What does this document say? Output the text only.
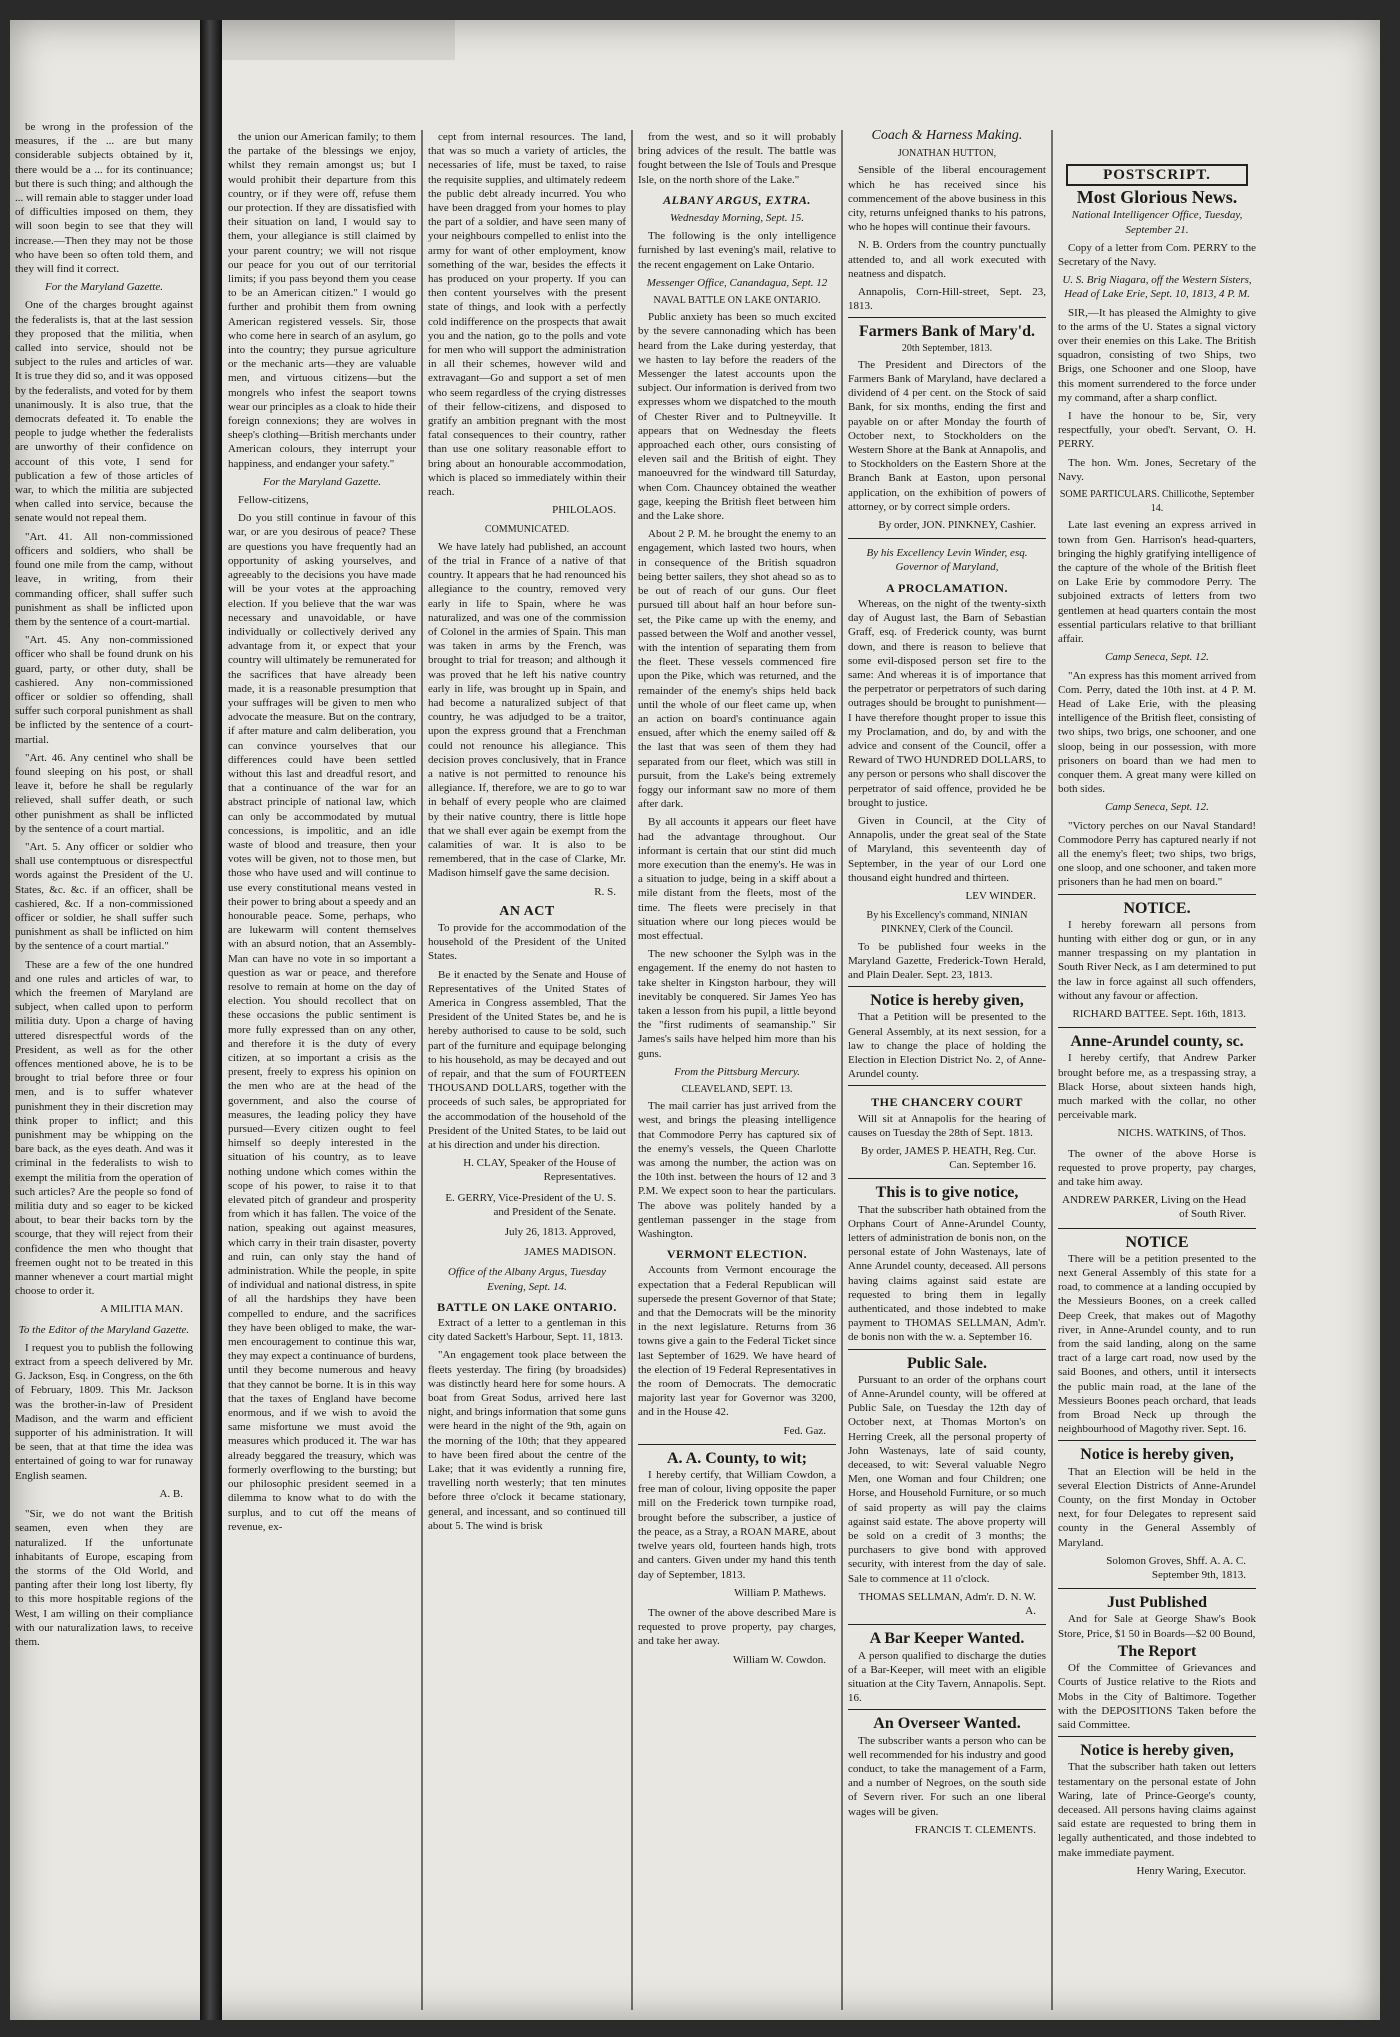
be wrong in the profession of the measures, if the ... are but many considerable subjects obtained by it, there would be a ... for its continuance; but there is such thing; and although the ... will remain able to stagger under load of difficulties imposed on them, they will soon begin to see that they will increase.—Then they may not be those who have been so often told them, and they will find it correct.

For the Maryland Gazette.

One of the charges brought against the federalists is, that at the last session they proposed that the militia, when called into service, should not be subject to the rules and articles of war. It is true they did so, and it was opposed by the federalists, and voted for by them unanimously. It is also true, that the democrats defeated it. To enable the people to judge whether the federalists are unworthy of their confidence on account of this vote, I send for publication a few of those articles of war, to which the militia are subjected when called into service, because the senate would not repeal them.

"Art. 41. All non-commissioned officers and soldiers, who shall be found one mile from the camp, without leave, in writing, from their commanding officer, shall suffer such punishment as shall be inflicted upon them by the sentence of a court-martial.

"Art. 45. Any non-commissioned officer who shall be found drunk on his guard, party, or other duty, shall be cashiered. Any non-commissioned officer or soldier so offending, shall suffer such corporal punishment as shall be inflicted by the sentence of a court-martial.

"Art. 46. Any centinel who shall be found sleeping on his post, or shall leave it, before he shall be regularly relieved, shall suffer death, or such other punishment as shall be inflicted by the sentence of a court martial.

"Art. 5. Any officer or soldier who shall use contemptuous or disrespectful words against the President of the U. States, &c. &c. if an officer, shall be cashiered, &c. If a non-commissioned officer or soldier, he shall suffer such punishment as shall be inflicted on him by the sentence of a court martial."

These are a few of the one hundred and one rules and articles of war, to which the freemen of Maryland are subject, when called upon to perform militia duty. Upon a charge of having uttered disrespectful words of the President, as well as for the other offences mentioned above, he is to be brought to trial before three or four men, and is to suffer whatever punishment they in their discretion may think proper to inflict; and this punishment may be whipping on the bare back, as the eyes death. And was it criminal in the federalists to wish to exempt the militia from the operation of such articles? Are the people so fond of militia duty and so eager to be kicked about, to bear their backs torn by the scourge, that they will reject from their confidence the men who thought that freemen ought not to be treated in this manner whenever a court martial might choose to order it.

A MILITIA MAN.
To the Editor of the Maryland Gazette.

I request you to publish the following extract from a speech delivered by Mr. G. Jackson, Esq. in Congress, on the 6th of February, 1809. This Mr. Jackson was the brother-in-law of President Madison, and the warm and efficient supporter of his administration. It will be seen, that at that time the idea was entertained of going to war for runaway English seamen.

A. B.

"Sir, we do not want the British seamen, even when they are naturalized. If the unfortunate inhabitants of Europe, escaping from the storms of the Old World, and panting after their long lost liberty, fly to this more hospitable regions of the West, I am willing on their compliance with our naturalization laws, to receive them.

the union our American family; to them the partake of the blessings we enjoy, whilst they remain amongst us; but I would prohibit their departure from this country, or if they were off, refuse them our protection. If they are dissatisfied with their situation on land, I would say to them, your allegiance is still claimed by your parent country; we will not risque our peace for you out of our territorial limits; if you pass beyond them you cease to be an American citizen." I would go further and prohibit them from owning American registered vessels. Sir, those who come here in search of an asylum, go into the country; they pursue agriculture or the mechanic arts—they are valuable men, and virtuous citizens—but the mongrels who infest the seaport towns wear our principles as a cloak to hide their foreign connexions; they are wolves in sheep's clothing—British merchants under American colours, they interrupt your happiness, and endanger your safety."

For the Maryland Gazette.

Fellow-citizens,

Do you still continue in favour of this war, or are you desirous of peace? These are questions you have frequently had an opportunity of asking yourselves, and agreeably to the decisions you have made will be your votes at the approaching election. If you believe that the war was necessary and unavoidable, or have individually or collectively derived any advantage from it, or expect that your country will ultimately be remunerated for the sacrifices that have already been made, it is a reasonable presumption that your suffrages will be given to men who advocate the measure. But on the contrary, if after mature and calm deliberation, you can convince yourselves that our differences could have been settled without this last and dreadful resort, and that a continuance of the war for an abstract principle of national law, which can only be accommodated by mutual concessions, is impolitic, and an idle waste of blood and treasure, then your votes will be given, not to those men, but those who have used and will continue to use every constitutional means vested in their power to bring about a speedy and an honourable peace. Some, perhaps, who are lukewarm will content themselves with an absurd notion, that an Assembly-Man can have no vote in so important a question as war or peace, and therefore resolve to remain at home on the day of election. You should recollect that on these occasions the public sentiment is more fully expressed than on any other, and therefore it is the duty of every citizen, at so important a crisis as the present, freely to express his opinion on the men who are at the head of the government, and also the course of measures, the leading policy they have pursued—Every citizen ought to feel himself so deeply interested in the situation of his country, as to leave nothing undone which comes within the scope of his power, to raise it to that elevated pitch of grandeur and prosperity from which it has fallen. The voice of the nation, speaking out against measures, which carry in their train disaster, poverty and ruin, can only stay the hand of administration. While the people, in spite of individual and national distress, in spite of all the hardships they have been compelled to endure, and the sacrifices they have been obliged to make, the war-men encouragement to continue this war, they may expect a continuance of burdens, until they become numerous and heavy that they cannot be borne. It is in this way that the taxes of England have become enormous, and if we wish to avoid the same misfortune we must avoid the measures which produced it. The war has already beggared the treasury, which was formerly overflowing to the bursting; but our philosophic president seemed in a dilemma to know what to do with the surplus, and to cut off the means of revenue, ex-

cept from internal resources. The land, that was so much a variety of articles, the necessaries of life, must be taxed, to raise the requisite supplies, and ultimately redeem the public debt already incurred. You who have been dragged from your homes to play the part of a soldier, and have seen many of your neighbours compelled to enlist into the army for want of other employment, know something of the war, besides the effects it has produced on your property. If you can then content yourselves with the present state of things, and look with a perfectly cold indifference on the prospects that await you and the nation, go to the polls and vote for men who will support the administration in all their schemes, however wild and extravagant—Go and support a set of men who seem regardless of the crying distresses of their fellow-citizens, and disposed to gratify an ambition pregnant with the most fatal consequences to their country, rather than use one solitary reasonable effort to bring about an honourable accommodation, which is placed so immediately within their reach.

PHILOLAOS.
COMMUNICATED.

We have lately had published, an account of the trial in France of a native of that country. It appears that he had renounced his allegiance to the country, removed very early in life to Spain, where he was naturalized, and was one of the commission of Colonel in the armies of Spain. This man was taken in arms by the French, was brought to trial for treason; and although it was proved that he left his native country early in life, was brought up in Spain, and had become a naturalized subject of that country, he was adjudged to be a traitor, upon the express ground that a Frenchman could not renounce his allegiance. This decision proves conclusively, that in France a native is not permitted to renounce his allegiance. If, therefore, we are to go to war in behalf of every people who are claimed by their native country, there is little hope that we shall ever again be exempt from the calamities of war. It is also to be remembered, that in the case of Clarke, Mr. Madison himself gave the same decision.

R. S.
AN ACT

To provide for the accommodation of the household of the President of the United States.

Be it enacted by the Senate and House of Representatives of the United States of America in Congress assembled, That the President of the United States be, and he is hereby authorised to cause to be sold, such part of the furniture and equipage belonging to his household, as may be decayed and out of repair, and that the sum of FOURTEEN THOUSAND DOLLARS, together with the proceeds of such sales, be appropriated for the accommodation of the household of the President of the United States, to be laid out at his direction and under his direction.

H. CLAY, Speaker of the House of Representatives.
E. GERRY, Vice-President of the U. S. and President of the Senate.
July 26, 1813. Approved,
JAMES MADISON.
Office of the Albany Argus, Tuesday Evening, Sept. 14.
BATTLE ON LAKE ONTARIO.

Extract of a letter to a gentleman in this city dated Sackett's Harbour, Sept. 11, 1813.

"An engagement took place between the fleets yesterday. The firing (by broadsides) was distinctly heard here for some hours. A boat from Great Sodus, arrived here last night, and brings information that some guns were heard in the night of the 9th, again on the morning of the 10th; that they appeared to have been fired about the centre of the Lake; that it was evidently a running fire, travelling north westerly; that ten minutes before three o'clock it became stationary, general, and incessant, and so continued till about 5. The wind is brisk

from the west, and so it will probably bring advices of the result. The battle was fought between the Isle of Touls and Presque Isle, on the north shore of the Lake."

ALBANY ARGUS, EXTRA.
Wednesday Morning, Sept. 15.

The following is the only intelligence furnished by last evening's mail, relative to the recent engagement on Lake Ontario.

Messenger Office, Canandagua, Sept. 12
NAVAL BATTLE ON LAKE ONTARIO.

Public anxiety has been so much excited by the severe cannonading which has been heard from the Lake during yesterday, that we hasten to lay before the readers of the Messenger the latest accounts upon the subject. Our information is derived from two expresses whom we dispatched to the mouth of Chester River and to Pultneyville. It appears that on Wednesday the fleets approached each other, ours consisting of eleven sail and the British of eight. They manoeuvred for the windward till Saturday, when Com. Chauncey obtained the weather gage, keeping the British fleet between him and the Lake shore.

About 2 P. M. he brought the enemy to an engagement, which lasted two hours, when in consequence of the British squadron being better sailers, they shot ahead so as to be out of reach of our guns. Our fleet pursued till about half an hour before sun-set, the Pike came up with the enemy, and passed between the Wolf and another vessel, with the intention of separating them from the fleet. These vessels commenced fire upon the Pike, which was returned, and the remainder of the enemy's ships held back until the whole of our fleet came up, when an action on board's continuance again ensued, after which the enemy sailed off & the last that was seen of them they had separated from our fleet, which was still in pursuit, from the Lake's being extremely foggy our informant saw no more of them after dark.

By all accounts it appears our fleet have had the advantage throughout. Our informant is certain that our stint did much more execution than the enemy's. He was in a situation to judge, being in a skiff about a mile distant from the fleets, most of the time. The fleets were precisely in that situation where our long pieces would be most effectual.

The new schooner the Sylph was in the engagement. If the enemy do not hasten to take shelter in Kingston harbour, they will inevitably be conquered. Sir James Yeo has taken a lesson from his pupil, a little beyond the "first rudiments of seamanship." Sir James's sails have helped him more than his guns.

From the Pittsburg Mercury.
CLEAVELAND, SEPT. 13.

The mail carrier has just arrived from the west, and brings the pleasing intelligence that Commodore Perry has captured six of the enemy's vessels, the Queen Charlotte was among the number, the action was on the 10th inst. between the hours of 12 and 3 P.M. We expect soon to hear the particulars. The above was politely handed by a gentleman passenger in the stage from Washington.

VERMONT ELECTION.

Accounts from Vermont encourage the expectation that a Federal Republican will supersede the present Governor of that State; and that the Democrats will be the minority in the next legislature. Returns from 36 towns give a gain to the Federal Ticket since last September of 1629. We have heard of the election of 19 Federal Representatives in the room of Democrats. The democratic majority last year for Governor was 3200, and in the House 42.

Fed. Gaz.
A. A. County, to wit;

I hereby certify, that William Cowdon, a free man of colour, living opposite the paper mill on the Frederick town turnpike road, brought before the subscriber, a justice of the peace, as a Stray, a ROAN MARE, about twelve years old, fourteen hands high, trots and canters. Given under my hand this tenth day of September, 1813.

William P. Mathews.

The owner of the above described Mare is requested to prove property, pay charges, and take her away.

William W. Cowdon.
Coach & Harness Making.
JONATHAN HUTTON,

Sensible of the liberal encouragement which he has received since his commencement of the above business in this city, returns unfeigned thanks to his patrons, who he hopes will continue their favours.

N. B. Orders from the country punctually attended to, and all work executed with neatness and dispatch.

Annapolis, Corn-Hill-street, Sept. 23, 1813.

Farmers Bank of Mary'd.
20th September, 1813.

The President and Directors of the Farmers Bank of Maryland, have declared a dividend of 4 per cent. on the Stock of said Bank, for six months, ending the first and payable on or after Monday the fourth of October next, to Stockholders on the Western Shore at the Bank at Annapolis, and to Stockholders on the Eastern Shore at the Branch Bank at Easton, upon personal application, on the exhibition of powers of attorney, or by correct simple orders.

By order, JON. PINKNEY, Cashier.
By his Excellency Levin Winder, esq. Governor of Maryland,
A PROCLAMATION.

Whereas, on the night of the twenty-sixth day of August last, the Barn of Sebastian Graff, esq. of Frederick county, was burnt down, and there is reason to believe that some evil-disposed person set fire to the same: And whereas it is of importance that the perpetrator or perpetrators of such daring outrages should be brought to punishment—I have therefore thought proper to issue this my Proclamation, and do, by and with the advice and consent of the Council, offer a Reward of TWO HUNDRED DOLLARS, to any person or persons who shall discover the perpetrator of said offence, provided he be brought to justice.

Given in Council, at the City of Annapolis, under the great seal of the State of Maryland, this seventeenth day of September, in the year of our Lord one thousand eight hundred and thirteen.

LEV WINDER.
By his Excellency's command, NINIAN PINKNEY, Clerk of the Council.

To be published four weeks in the Maryland Gazette, Frederick-Town Herald, and Plain Dealer. Sept. 23, 1813.

Notice is hereby given,

That a Petition will be presented to the General Assembly, at its next session, for a law to change the place of holding the Election in Election District No. 2, of Anne-Arundel county.

THE CHANCERY COURT

Will sit at Annapolis for the hearing of causes on Tuesday the 28th of Sept. 1813.

By order, JAMES P. HEATH, Reg. Cur. Can. September 16.
This is to give notice,

That the subscriber hath obtained from the Orphans Court of Anne-Arundel County, letters of administration de bonis non, on the personal estate of John Wastenays, late of Anne Arundel county, deceased. All persons having claims against said estate are requested to bring them in legally authenticated, and those indebted to make payment to THOMAS SELLMAN, Adm'r. de bonis non with the w. a. September 16.

Public Sale.

Pursuant to an order of the orphans court of Anne-Arundel county, will be offered at Public Sale, on Tuesday the 12th day of October next, at Thomas Morton's on Herring Creek, all the personal property of John Wastenays, late of said county, deceased, to wit: Several valuable Negro Men, one Woman and four Children; one Horse, and Household Furniture, or so much of said property as will pay the claims against said estate. The above property will be sold on a credit of 3 months; the purchasers to give bond with approved security, with interest from the day of sale. Sale to commence at 11 o'clock.

THOMAS SELLMAN, Adm'r. D. N. W. A.
A Bar Keeper Wanted.

A person qualified to discharge the duties of a Bar-Keeper, will meet with an eligible situation at the City Tavern, Annapolis. Sept. 16.

An Overseer Wanted.

The subscriber wants a person who can be well recommended for his industry and good conduct, to take the management of a Farm, and a number of Negroes, on the south side of Severn river. For such an one liberal wages will be given.

FRANCIS T. CLEMENTS.
POSTSCRIPT.
Most Glorious News.
National Intelligencer Office, Tuesday, September 21.

Copy of a letter from Com. PERRY to the Secretary of the Navy.

U. S. Brig Niagara, off the Western Sisters, Head of Lake Erie, Sept. 10, 1813, 4 P. M.

SIR,—It has pleased the Almighty to give to the arms of the U. States a signal victory over their enemies on this Lake. The British squadron, consisting of two Ships, two Brigs, one Schooner and one Sloop, have this moment surrendered to the force under my command, after a sharp conflict.

I have the honour to be, Sir, very respectfully, your obed't. Servant, O. H. PERRY.

The hon. Wm. Jones, Secretary of the Navy.

SOME PARTICULARS. Chillicothe, September 14.

Late last evening an express arrived in town from Gen. Harrison's head-quarters, bringing the highly gratifying intelligence of the capture of the whole of the British fleet on Lake Erie by commodore Perry. The subjoined extracts of letters from two gentlemen at head quarters contain the most essential particulars relative to that brilliant affair.

Camp Seneca, Sept. 12.

"An express has this moment arrived from Com. Perry, dated the 10th inst. at 4 P. M. Head of Lake Erie, with the pleasing intelligence of the British fleet, consisting of two ships, two brigs, one schooner, and one sloop, being in our possession, with more prisoners on board than we had men to conquer them. A great many were killed on both sides.

Camp Seneca, Sept. 12.

"Victory perches on our Naval Standard! Commodore Perry has captured nearly if not all the enemy's fleet; two ships, two brigs, one sloop, and one schooner, and taken more prisoners than he had men on board."

NOTICE.

I hereby forewarn all persons from hunting with either dog or gun, or in any manner trespassing on my plantation in South River Neck, as I am determined to put the law in force against all such offenders, without any favour or affection.

RICHARD BATTEE. Sept. 16th, 1813.
Anne-Arundel county, sc.

I hereby certify, that Andrew Parker brought before me, as a trespassing stray, a Black Horse, about sixteen hands high, much marked with the collar, no other perceivable mark.

NICHS. WATKINS, of Thos.

The owner of the above Horse is requested to prove property, pay charges, and take him away.

ANDREW PARKER, Living on the Head of South River.
NOTICE

There will be a petition presented to the next General Assembly of this state for a road, to commence at a landing occupied by the Messieurs Boones, on a creek called Deep Creek, that makes out of Magothy river, in Anne-Arundel county, and to run from the said landing, along on the same tract of a large cart road, now used by the said Boones, and others, until it intersects the public main road, at the lane of the Messieurs Boones peach orchard, that leads from Broad Neck up through the neighbourhood of Magothy river. Sept. 16.

Notice is hereby given,

That an Election will be held in the several Election Districts of Anne-Arundel County, on the first Monday in October next, for four Delegates to represent said county in the General Assembly of Maryland.

Solomon Groves, Shff. A. A. C. September 9th, 1813.
Just Published

And for Sale at George Shaw's Book Store, Price, $1 50 in Boards—$2 00 Bound,

The Report

Of the Committee of Grievances and Courts of Justice relative to the Riots and Mobs in the City of Baltimore. Together with the DEPOSITIONS Taken before the said Committee.

Notice is hereby given,

That the subscriber hath taken out letters testamentary on the personal estate of John Waring, late of Prince-George's county, deceased. All persons having claims against said estate are requested to bring them in legally authenticated, and those indebted to make immediate payment.

Henry Waring, Executor.
